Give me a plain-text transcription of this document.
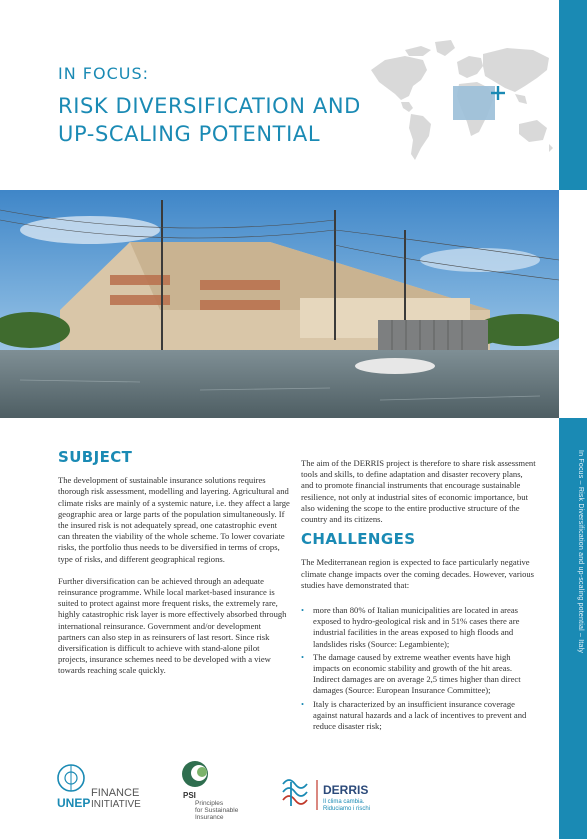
In Focus – Risk Diversification and up-scaling potential – Italy
IN FOCUS:
RISK DIVERSIFICATION AND UP-SCALING POTENTIAL
SUBJECT

The development of sustainable insurance solutions requires thorough risk assessment, modelling and layering. Agricultural and climate risks are mainly of a systemic nature, i.e. they affect a large geographic area or large parts of the population simultaneously. If the insured risk is not adequately spread, one catastrophic event can threaten the viability of the whole scheme. To lower covariate risks, the portfolio thus needs to be diversified in terms of crops, type of risks, and different geographical regions.

Further diversification can be achieved through an adequate reinsurance programme. While local market-based insurance is suited to protect against more frequent risks, the extremely rare, highly catastrophic risk layer is more effectively absorbed through international reinsurance. Government and/or development partners can also step in as reinsurers of last resort. Since risk diversification is difficult to achieve with stand-alone pilot projects, insurance schemes need to be developed with a view towards reaching scale quickly.

The aim of the DERRIS project is therefore to share risk assessment tools and skills, to define adaptation and disaster recovery plans, and to promote financial instruments that encourage sustainable resilience, not only at industrial sites of economic importance, but also widening the scope to the entire productive structure of the country and its citizens.

CHALLENGES

The Mediterranean region is expected to face particularly negative climate change impacts over the coming decades. However, various studies have demonstrated that:

• more than 80% of Italian municipalities are located in areas exposed to hydro-geological risk and in 51% cases there are industrial facilities in the areas exposed to high floods and landslides risks (Source: Legambiente);
• The damage caused by extreme weather events have high impacts on economic stability and growth of the hit areas. Indirect damages are on average 2,5 times higher than direct damages (Source: European Insurance Committee);
• Italy is characterized by an insufficient insurance coverage against natural hazards and a lack of incentives to prevent and reduce disaster risk;
UNEP
FINANCE
INITIATIVE
PSI
Principles
for Sustainable
Insurance
DERRIS
Il clima cambia.
Riduciamo i rischi
